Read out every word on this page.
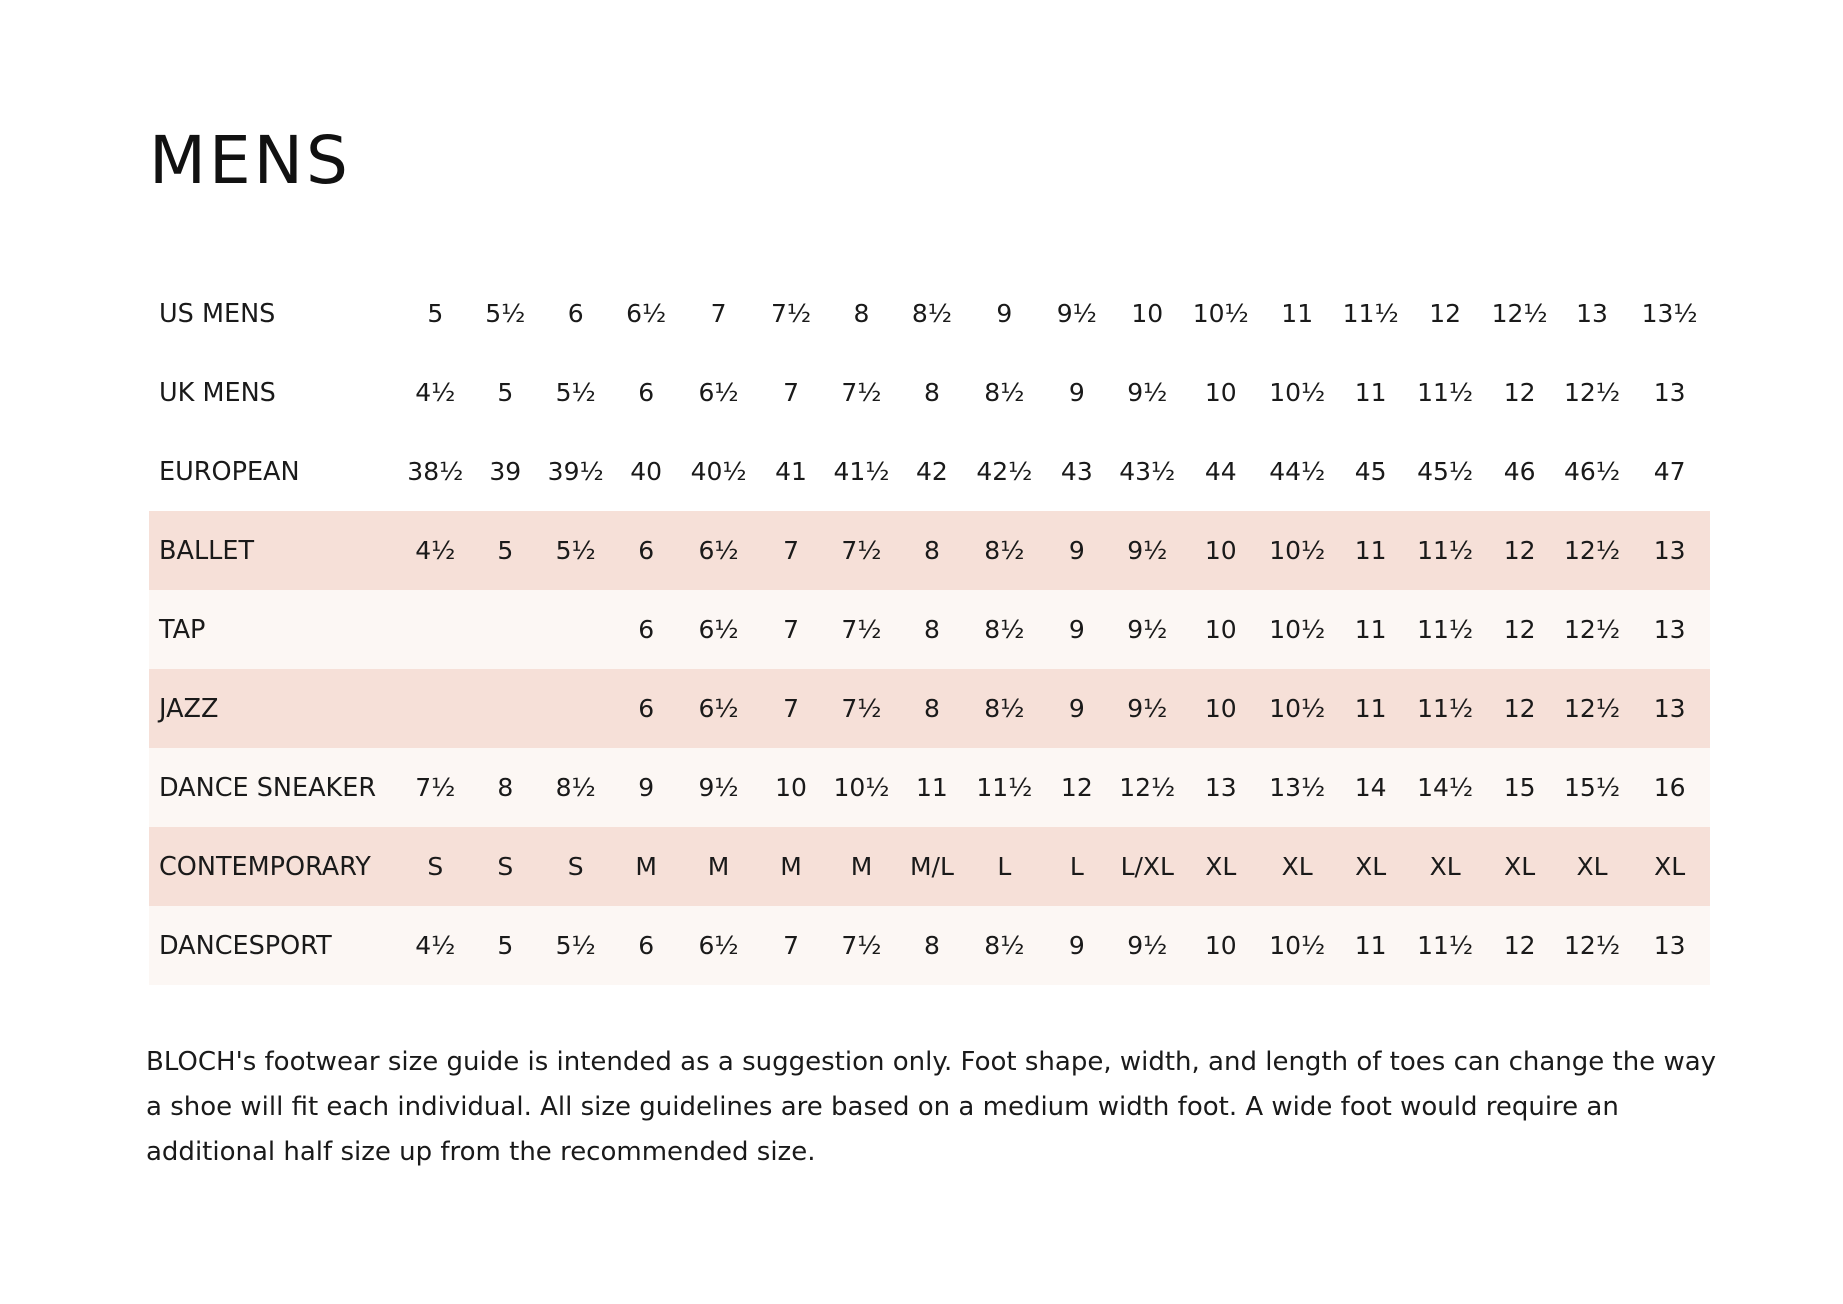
MENS
US MENS	5	5½	6	6½	7	7½	8	8½	9	9½	10	10½	11	11½	12	12½	13	13½
UK MENS	4½	5	5½	6	6½	7	7½	8	8½	9	9½	10	10½	11	11½	12	12½	13
EUROPEAN	38½	39	39½	40	40½	41	41½	42	42½	43	43½	44	44½	45	45½	46	46½	47
BALLET	4½	5	5½	6	6½	7	7½	8	8½	9	9½	10	10½	11	11½	12	12½	13
TAP				6	6½	7	7½	8	8½	9	9½	10	10½	11	11½	12	12½	13
JAZZ				6	6½	7	7½	8	8½	9	9½	10	10½	11	11½	12	12½	13
DANCE SNEAKER	7½	8	8½	9	9½	10	10½	11	11½	12	12½	13	13½	14	14½	15	15½	16
CONTEMPORARY	S	S	S	M	M	M	M	M/L	L	L	L/XL	XL	XL	XL	XL	XL	XL	XL
DANCESPORT	4½	5	5½	6	6½	7	7½	8	8½	9	9½	10	10½	11	11½	12	12½	13

BLOCH's footwear size guide is intended as a suggestion only. Foot shape, width, and length of toes can change the way a shoe will fit each individual. All size guidelines are based on a medium width foot. A wide foot would require an additional half size up from the recommended size.
